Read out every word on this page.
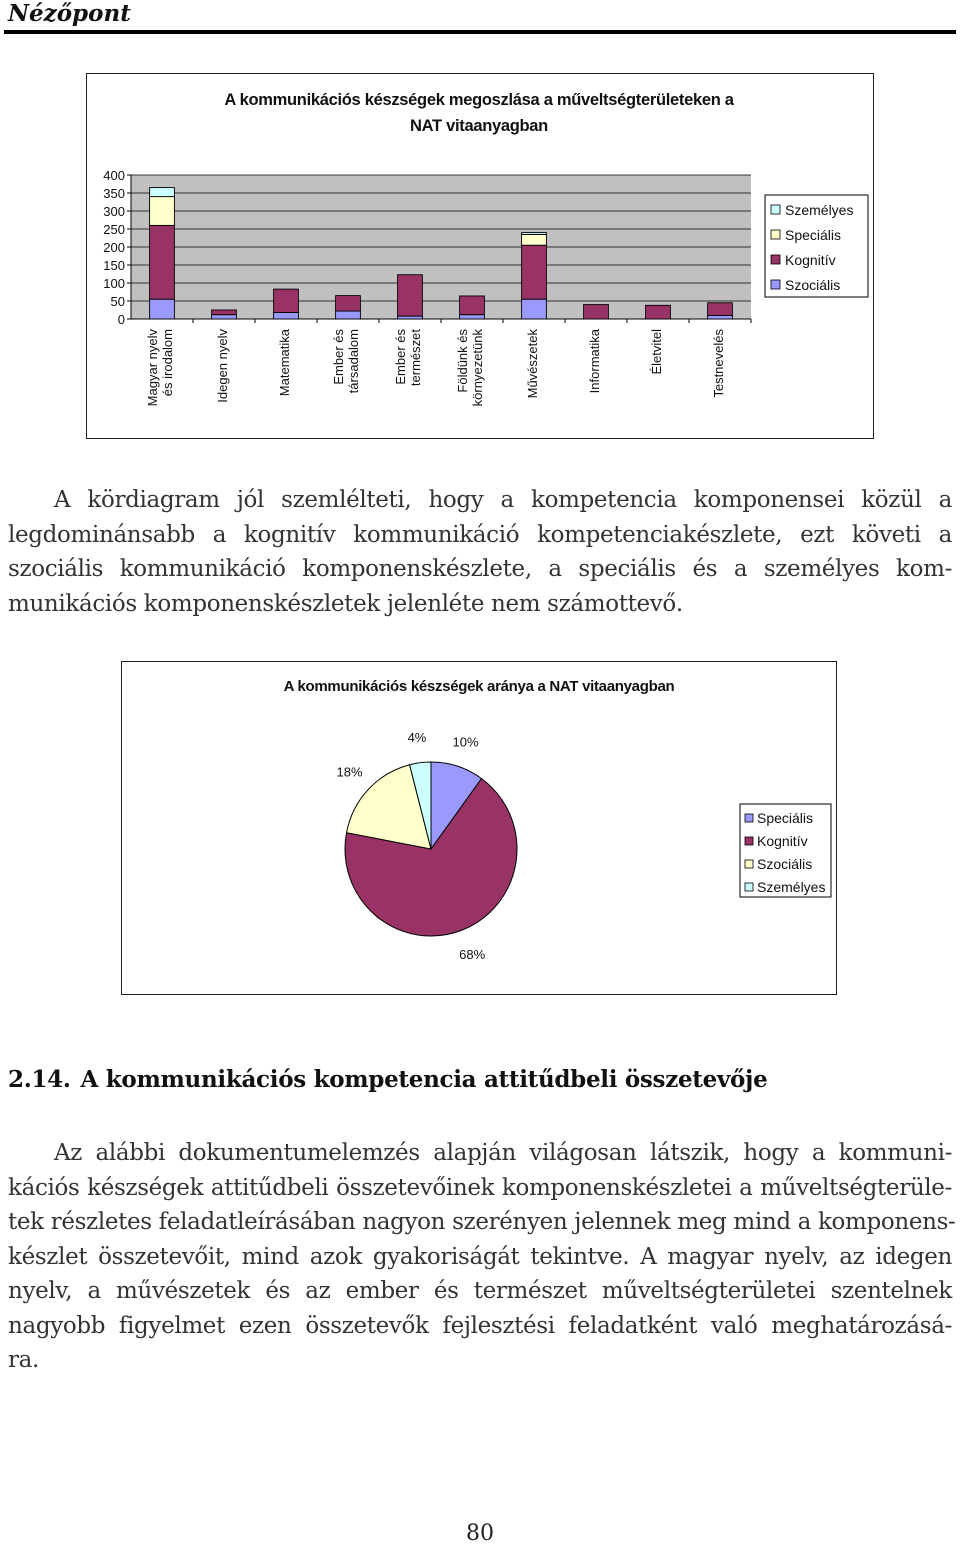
Nézőpont
A kommunikációs készségek megoszlása a műveltségterületeken a
NAT vitaanyagban
0
50
100
150
200
250
300
350
400
Magyar nyelv és irodalom	Idegen nyelv	Matematika	Ember és társadalom Ember és természet Földünk és környezetünk	Művészetek	Informatika	Életvitel	Testnevelés
Személyes
Speciális
Kognitív
Szociális
A kördiagram jól szemlélteti, hogy a kompetencia komponensei közül a
legdominánsabb a kognitív kommunikáció kompetenciakészlete, ezt követi a
szociális kommunikáció komponenskészlete, a speciális és a személyes kom-
munikációs komponenskészletek jelenléte nem számottevő.
A kommunikációs készségek aránya a NAT vitaanyagban
10%
68%
18%
4%
Speciális
Kognitív
Szociális
Személyes
2.14. A kommunikációs kompetencia attitűdbeli összetevője
Az alábbi dokumentumelemzés alapján világosan látszik, hogy a kommuni-
kációs készségek attitűdbeli összetevőinek komponenskészletei a műveltségterüle-
tek részletes feladatleírásában nagyon szerényen jelennek meg mind a komponens-
készlet összetevőit, mind azok gyakoriságát tekintve. A magyar nyelv, az idegen
nyelv, a művészetek és az ember és természet műveltségterületei szentelnek
nagyobb figyelmet ezen összetevők fejlesztési feladatként való meghatározásá-
ra.
80
